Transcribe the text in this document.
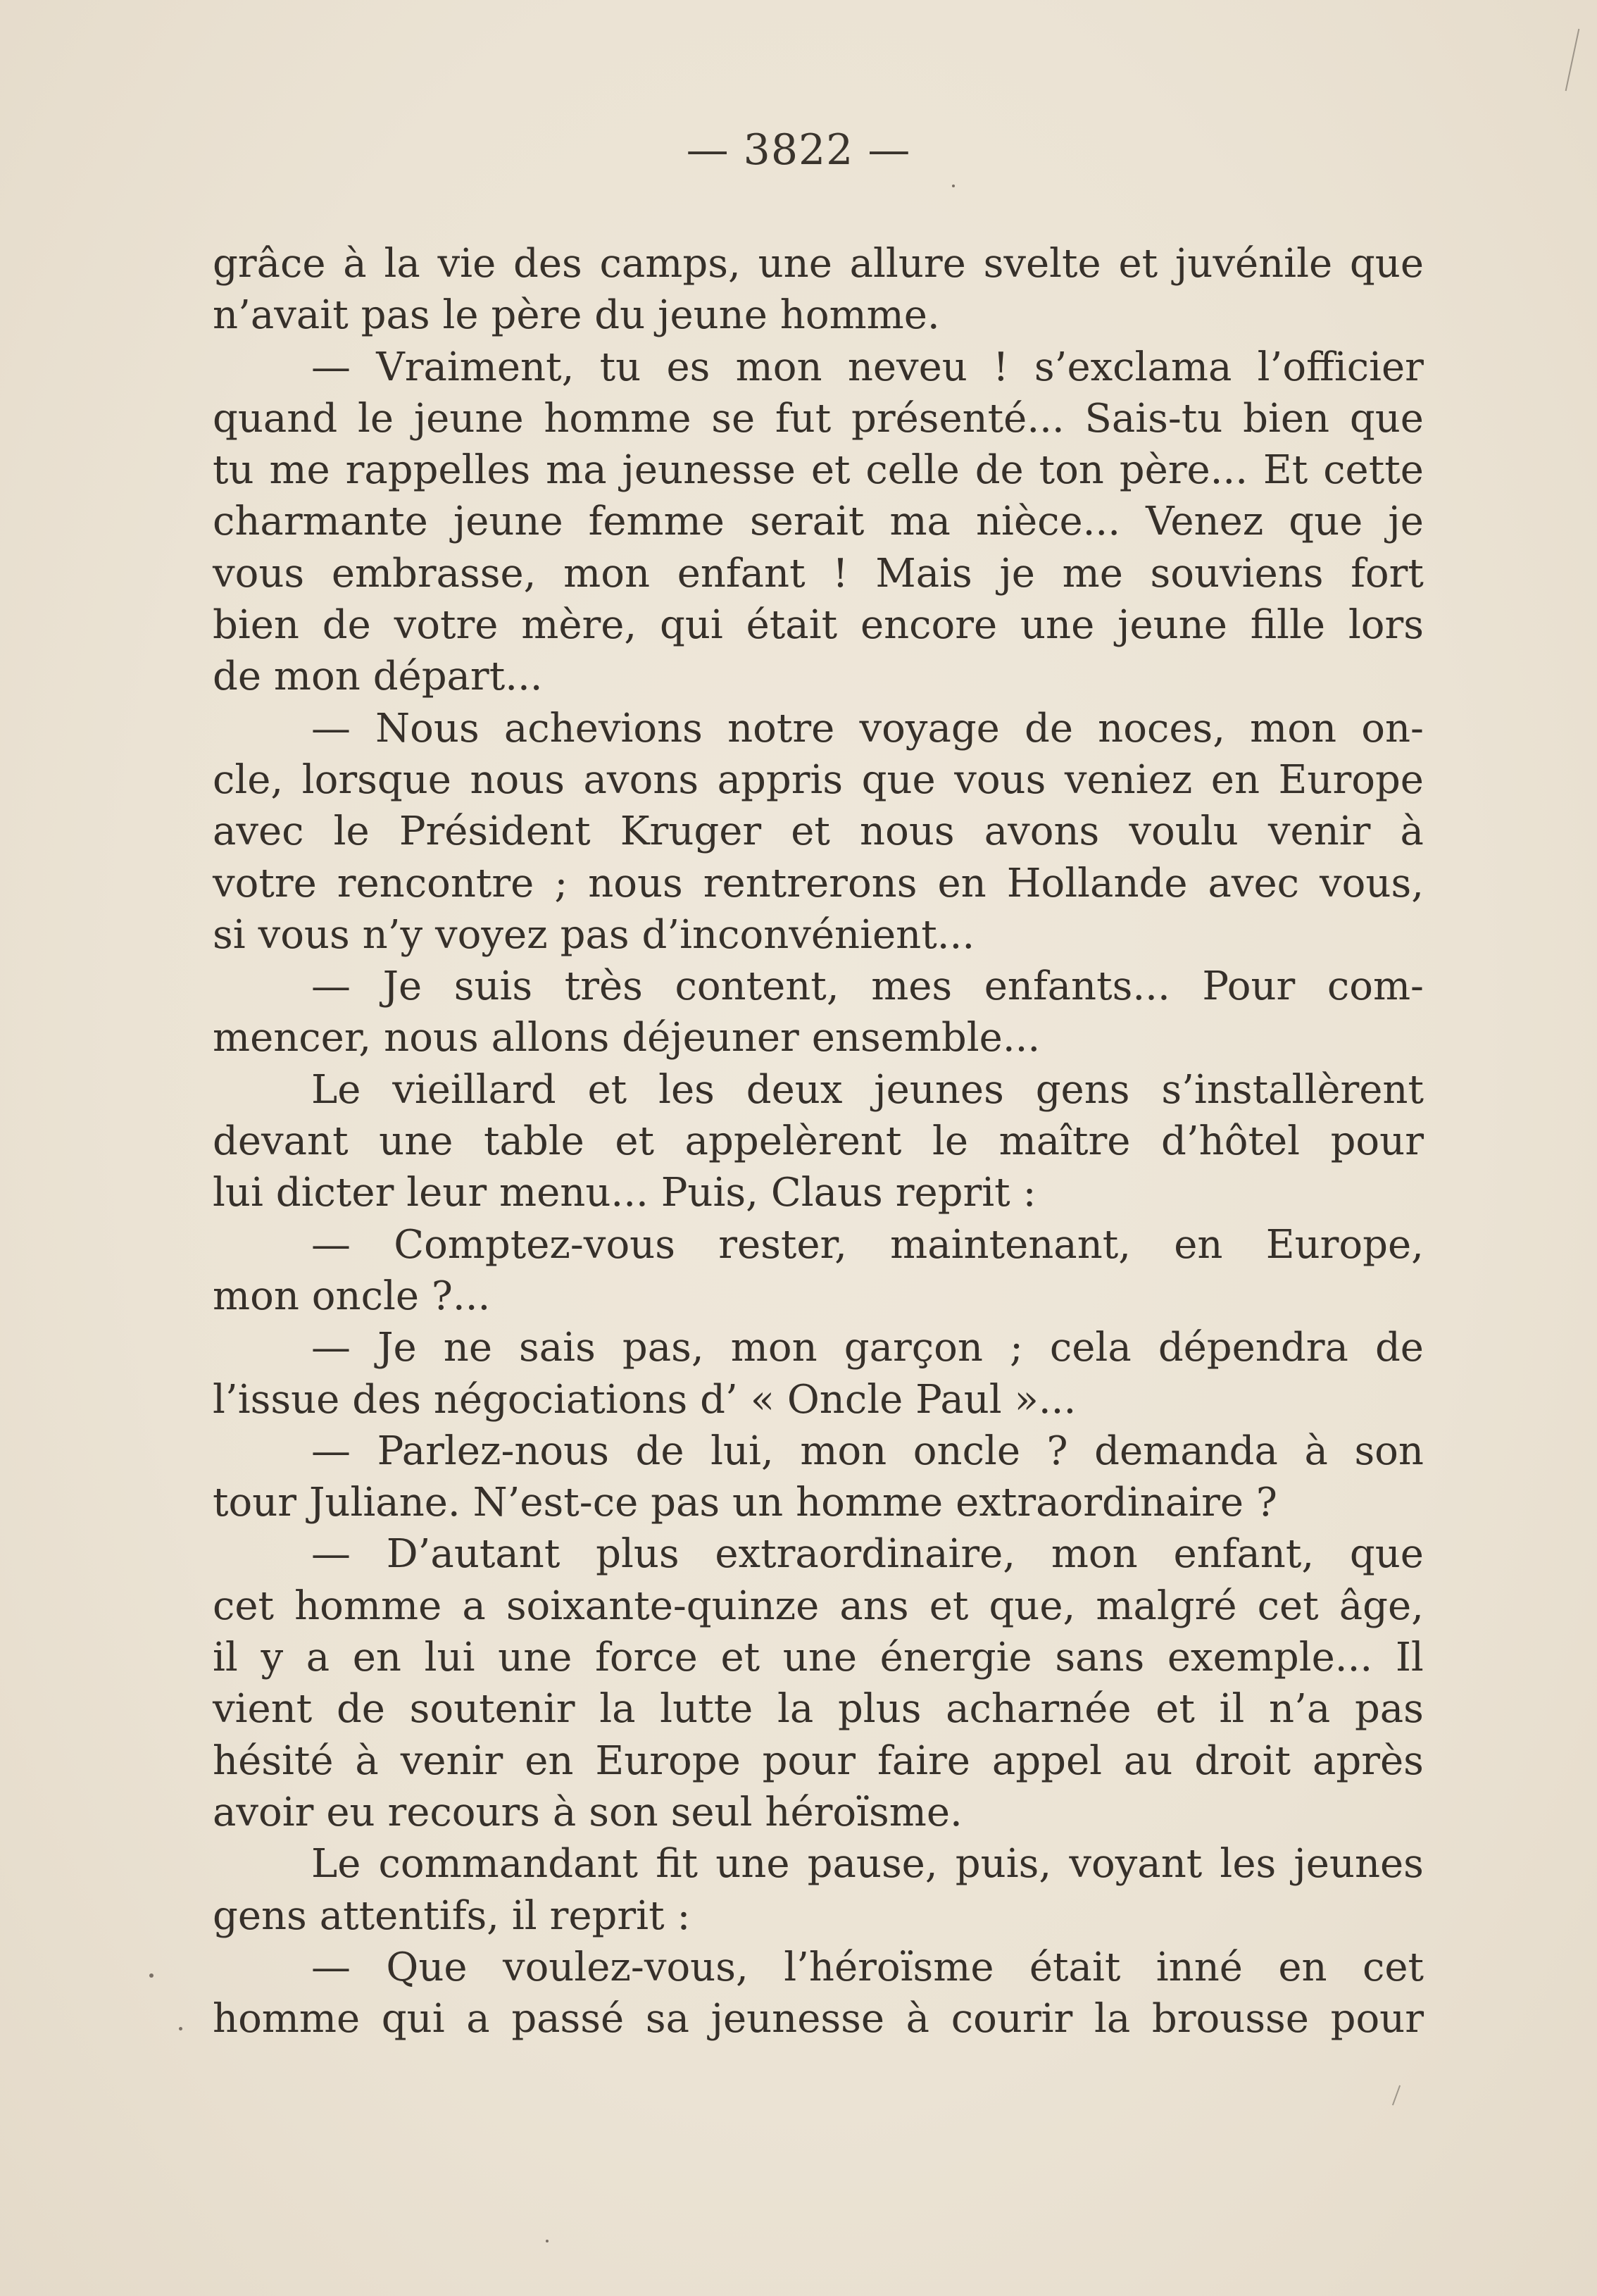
— 3822 —
grâce à la vie des camps, une allure svelte et juvénile que
n’avait pas le père du jeune homme.
— Vraiment, tu es mon neveu ! s’exclama l’officier
quand le jeune homme se fut présenté... Sais-tu bien que
tu me rappelles ma jeunesse et celle de ton père... Et cette
charmante jeune femme serait ma nièce... Venez que je
vous embrasse, mon enfant ! Mais je me souviens fort
bien de votre mère, qui était encore une jeune fille lors
de mon départ...
— Nous achevions notre voyage de noces, mon on-
cle, lorsque nous avons appris que vous veniez en Europe
avec le Président Kruger et nous avons voulu venir à
votre rencontre ; nous rentrerons en Hollande avec vous,
si vous n’y voyez pas d’inconvénient...
— Je suis très content, mes enfants... Pour com-
mencer, nous allons déjeuner ensemble...
Le vieillard et les deux jeunes gens s’installèrent
devant une table et appelèrent le maître d’hôtel pour
lui dicter leur menu... Puis, Claus reprit :
— Comptez-vous rester, maintenant, en Europe,
mon oncle ?...
— Je ne sais pas, mon garçon ; cela dépendra de
l’issue des négociations d’ « Oncle Paul »...
— Parlez-nous de lui, mon oncle ? demanda à son
tour Juliane. N’est-ce pas un homme extraordinaire ?
— D’autant plus extraordinaire, mon enfant, que
cet homme a soixante-quinze ans et que, malgré cet âge,
il y a en lui une force et une énergie sans exemple... Il
vient de soutenir la lutte la plus acharnée et il n’a pas
hésité à venir en Europe pour faire appel au droit après
avoir eu recours à son seul héroïsme.
Le commandant fit une pause, puis, voyant les jeunes
gens attentifs, il reprit :
— Que voulez-vous, l’héroïsme était inné en cet
homme qui a passé sa jeunesse à courir la brousse pour
